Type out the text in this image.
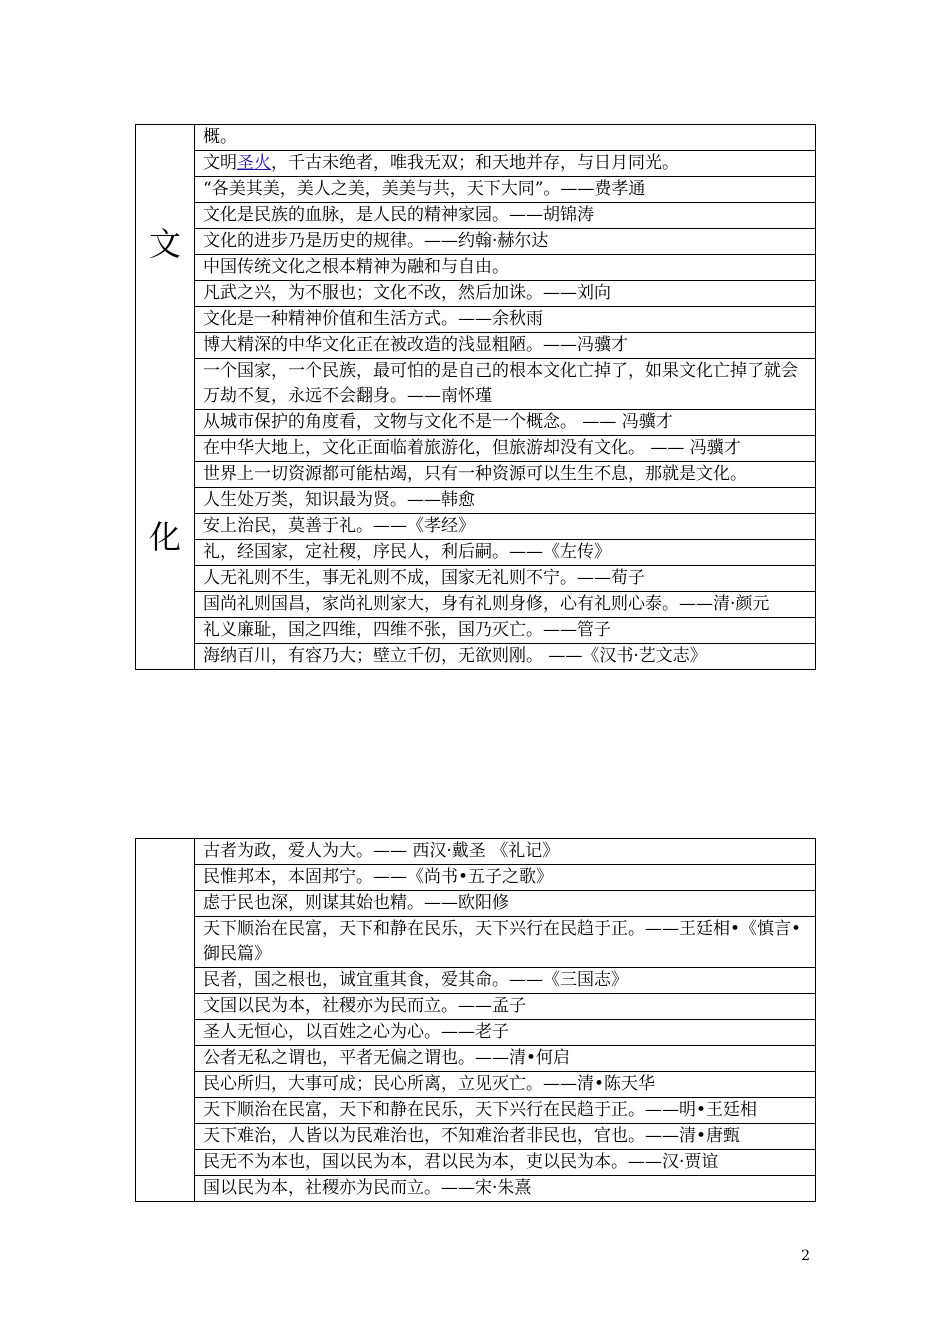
文
化
	概。
文明圣火，千古未绝者，唯我无双；和天地并存，与日月同光。
“各美其美，美人之美，美美与共，天下大同”。——费孝通
文化是民族的血脉，是人民的精神家园。——胡锦涛
文化的进步乃是历史的规律。——约翰·赫尔达
中国传统文化之根本精神为融和与自由。
凡武之兴，为不服也；文化不改，然后加诛。——刘向
文化是一种精神价值和生活方式。——余秋雨
博大精深的中华文化正在被改造的浅显粗陋。——冯骥才
一个国家，一个民族，最可怕的是自己的根本文化亡掉了，如果文化亡掉了就会万劫不复，永远不会翻身。——南怀瑾
从城市保护的角度看，文物与文化不是一个概念。 —— 冯骥才
在中华大地上，文化正面临着旅游化，但旅游却没有文化。 —— 冯骥才
世界上一切资源都可能枯竭，只有一种资源可以生生不息，那就是文化。
人生处万类，知识最为贤。——韩愈
安上治民，莫善于礼。——《孝经》
礼，经国家，定社稷，序民人，利后嗣。——《左传》
人无礼则不生，事无礼则不成，国家无礼则不宁。——荀子
国尚礼则国昌，家尚礼则家大，身有礼则身修，心有礼则心泰。——清·颜元
礼义廉耻，国之四维，四维不张，国乃灭亡。——管子
海纳百川，有容乃大；壁立千仞，无欲则刚。 ——《汉书·艺文志》
	古者为政，爱人为大。—— 西汉·戴圣 《礼记》
民惟邦本，本固邦宁。——《尚书•五子之歌》
虑于民也深，则谋其始也精。——欧阳修
天下顺治在民富，天下和静在民乐，天下兴行在民趋于正。——王廷相•《慎言•御民篇》
民者，国之根也，诚宜重其食，爱其命。——《三国志》
文国以民为本，社稷亦为民而立。——孟子
圣人无恒心，以百姓之心为心。——老子
公者无私之谓也，平者无偏之谓也。——清•何启
民心所归，大事可成；民心所离，立见灭亡。——清•陈天华
天下顺治在民富，天下和静在民乐，天下兴行在民趋于正。——明•王廷相
天下难治，人皆以为民难治也，不知难治者非民也，官也。——清•唐甄
民无不为本也，国以民为本，君以民为本，吏以民为本。——汉·贾谊
国以民为本，社稷亦为民而立。——宋·朱熹
2
